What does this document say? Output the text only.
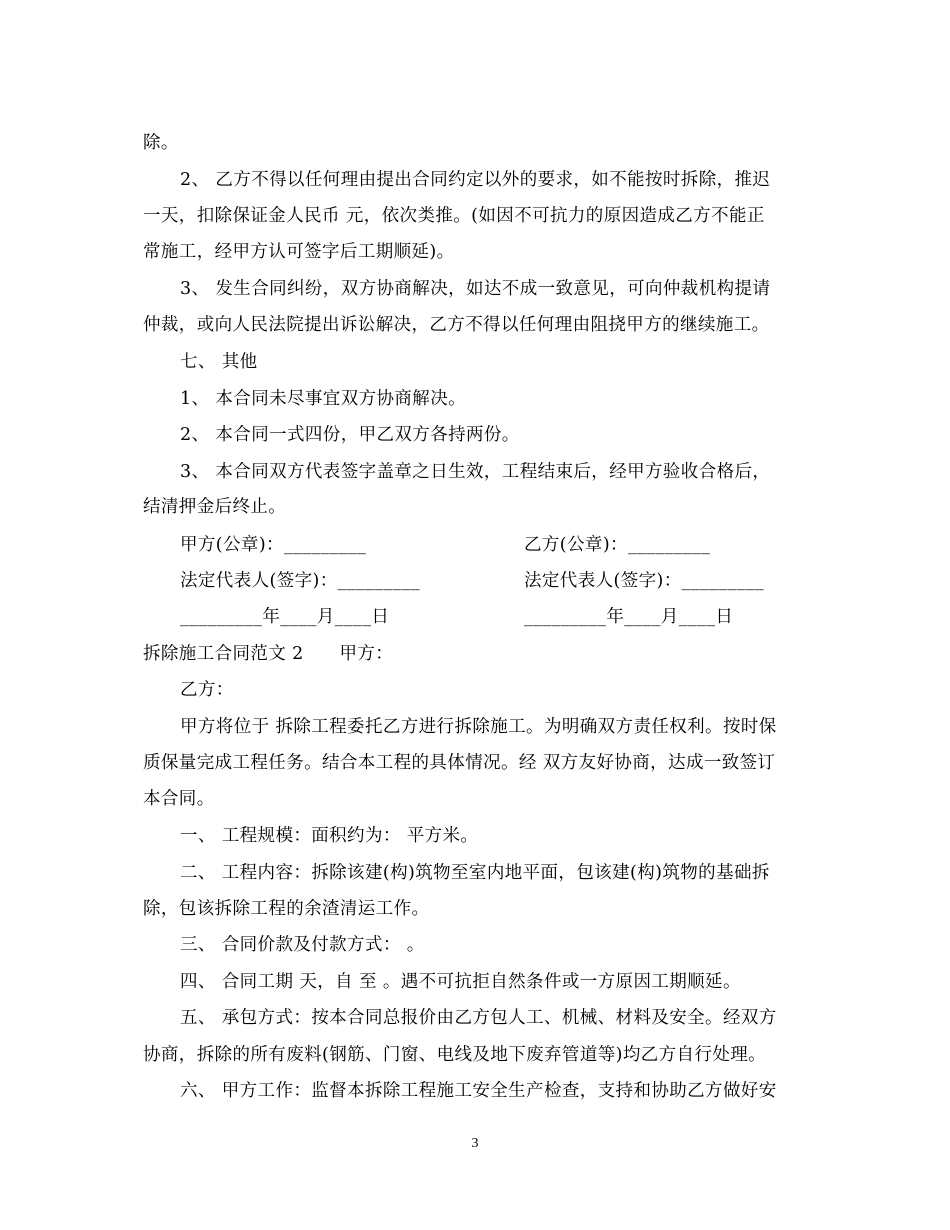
除。
2、 乙方不得以任何理由提出合同约定以外的要求，如不能按时拆除，推迟
一天，扣除保证金人民币 元，依次类推。(如因不可抗力的原因造成乙方不能正
常施工，经甲方认可签字后工期顺延)。
3、 发生合同纠纷，双方协商解决，如达不成一致意见，可向仲裁机构提请
仲裁，或向人民法院提出诉讼解决，乙方不得以任何理由阻挠甲方的继续施工。
七、 其他
1、 本合同未尽事宜双方协商解决。
2、 本合同一式四份，甲乙双方各持两份。
3、 本合同双方代表签字盖章之日生效，工程结束后，经甲方验收合格后，
结清押金后终止。
甲方(公章)：_________	乙方(公章)：_________
法定代表人(签字)：_________	法定代表人(签字)：_________
_________年____月____日	_________年____月____日
拆除施工合同范文 2　　甲方：
乙方：
甲方将位于 拆除工程委托乙方进行拆除施工。为明确双方责任权利。按时保
质保量完成工程任务。结合本工程的具体情况。经 双方友好协商，达成一致签订
本合同。
一、 工程规模：面积约为： 平方米。
二、 工程内容：拆除该建(构)筑物至室内地平面，包该建(构)筑物的基础拆
除，包该拆除工程的余渣清运工作。
三、 合同价款及付款方式： 。
四、 合同工期 天，自 至 。遇不可抗拒自然条件或一方原因工期顺延。
五、 承包方式：按本合同总报价由乙方包人工、机械、材料及安全。经双方
协商，拆除的所有废料(钢筋、门窗、电线及地下废弃管道等)均乙方自行处理。
六、 甲方工作：监督本拆除工程施工安全生产检查，支持和协助乙方做好安
3
